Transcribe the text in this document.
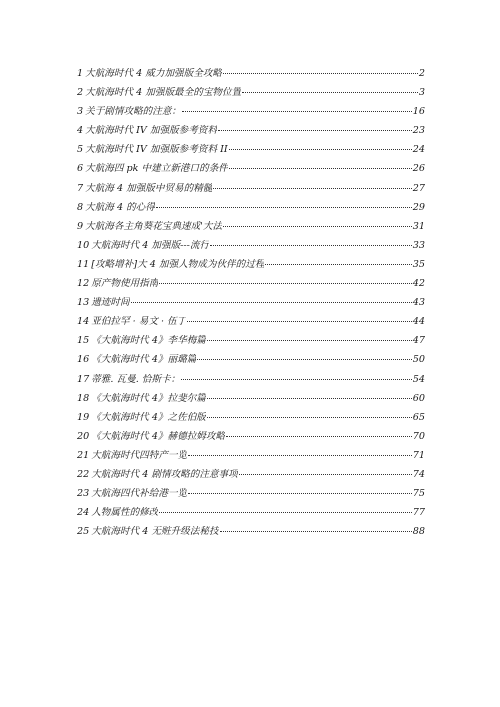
1 大航海时代 4 威力加强版全攻略	2
2 大航海时代 4 加强版最全的宝物位置	3
3 关于剧情攻略的注意：	16
4 大航海时代 IV 加强版参考资料	23
5 大航海时代 IV 加强版参考资料 II	24
6 大航海四 pk 中建立新港口的条件	26
7 大航海 4 加强版中贸易的精髓	27
8 大航海 4 的心得	29
9 大航海各主角葵花宝典速成'大法	31
10 大航海时代 4 加强版---流行	33
11 [攻略增补]大 4 加强人物成为伙伴的过程	35
12 原产物使用指南	42
13 遗迹时间	43
14 亚伯拉罕 · 易文 · 伍丁	44
15 《大航海时代 4》李华梅篇	47
16 《大航海时代 4》丽璐篇	50
17 蒂雅. 瓦曼. 恰斯卡：	54
18 《大航海时代 4》拉斐尔篇	60
19 《大航海时代 4》之佐伯版	65
20 《大航海时代 4》赫德拉姆攻略	70
21 大航海时代四特产一览	71
22 大航海时代 4 剧情攻略的注意事项	74
23 大航海四代补给港一览	75
24 人物属性的修改	77
25 大航海时代 4 无赃升级法秘技	88
